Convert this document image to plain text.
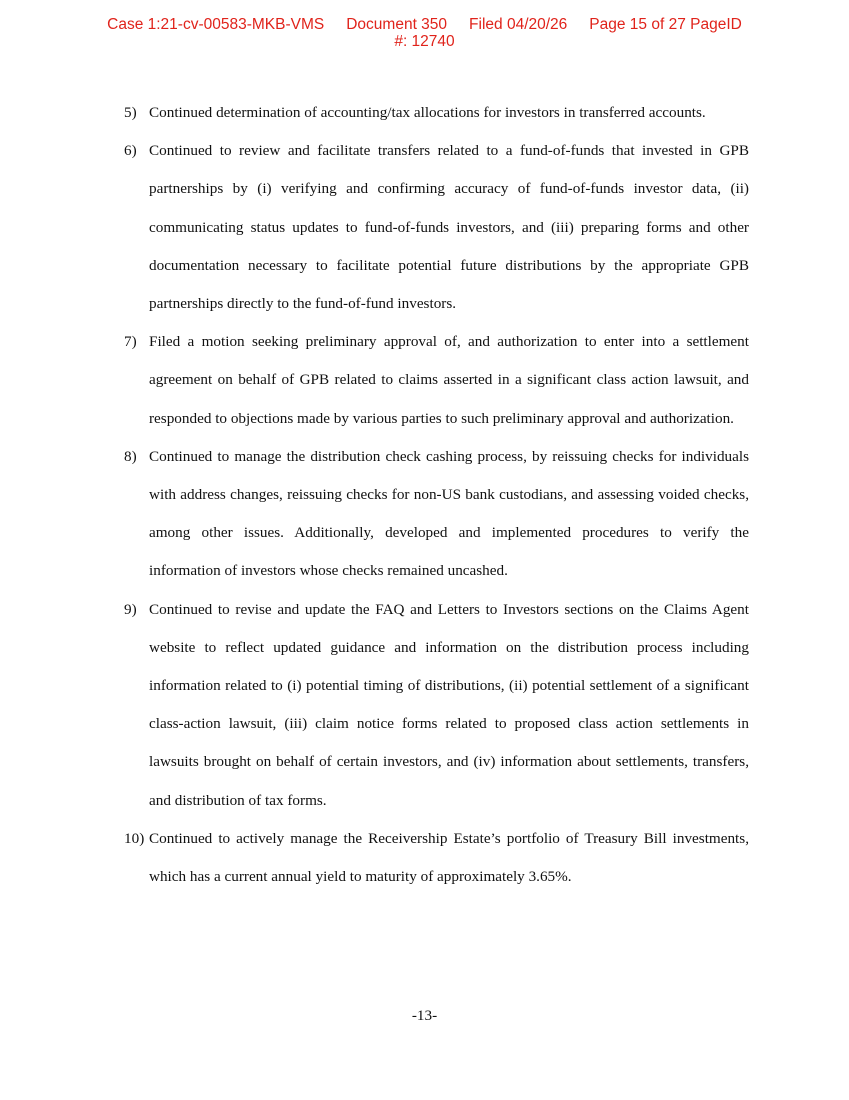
Case 1:21-cv-00583-MKB-VMS Document 350 Filed 04/20/26 Page 15 of 27 PageID
#: 12740
5) Continued determination of accounting/tax allocations for investors in transferred accounts.
6) Continued to review and facilitate transfers related to a fund-of-funds that invested in GPB partnerships by (i) verifying and confirming accuracy of fund-of-funds investor data, (ii) communicating status updates to fund-of-funds investors, and (iii) preparing forms and other documentation necessary to facilitate potential future distributions by the appropriate GPB partnerships directly to the fund-of-fund investors.
7) Filed a motion seeking preliminary approval of, and authorization to enter into a settlement agreement on behalf of GPB related to claims asserted in a significant class action lawsuit, and responded to objections made by various parties to such preliminary approval and authorization.
8) Continued to manage the distribution check cashing process, by reissuing checks for individuals with address changes, reissuing checks for non-US bank custodians, and assessing voided checks, among other issues. Additionally, developed and implemented procedures to verify the information of investors whose checks remained uncashed.
9) Continued to revise and update the FAQ and Letters to Investors sections on the Claims Agent website to reflect updated guidance and information on the distribution process including information related to (i) potential timing of distributions, (ii) potential settlement of a significant class-action lawsuit, (iii) claim notice forms related to proposed class action settlements in lawsuits brought on behalf of certain investors, and (iv) information about settlements, transfers, and distribution of tax forms.
10) Continued to actively manage the Receivership Estate’s portfolio of Treasury Bill investments, which has a current annual yield to maturity of approximately 3.65%.
-13-
